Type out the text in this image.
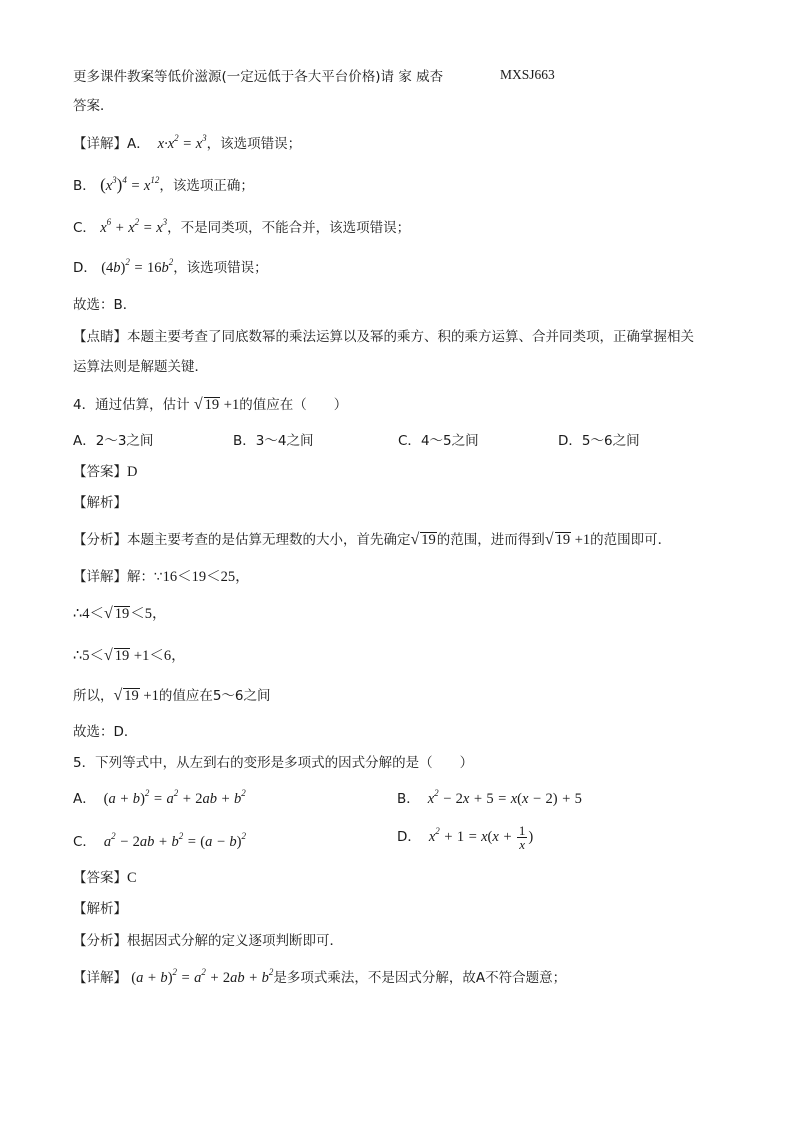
更多课件教案等低价滋源(一定远低于各大平台价格)请 家 威杏	MXSJ663
答案．
【详解】A．  $x\cdot x^2 = x^3$，该选项错误；
B． $(x^3)^4 = x^{12}$，该选项正确；
C． $x^6 + x^2 = x^3$，不是同类项，不能合并，该选项错误；
D． $(4b)^2 = 16b^2$，该选项错误；
故选：B．
【点睛】本题主要考查了同底数幂的乘法运算以及幂的乘方、积的乘方运算、合并同类项，正确掌握相关
运算法则是解题关键．
4．通过估算，估计 √ 19 +1的值应在（　　）
A．2～3之间	B．3～4之间	C．4～5之间	D．5～6之间
【答案】D
【解析】
【分析】本题主要考查的是估算无理数的大小，首先确定√ 19的范围，进而得到√ 19 +1的范围即可．
【详解】解：∵16＜19＜25，
∴4＜√ 19＜5，
∴5＜√ 19 +1＜6，
所以，√ 19 +1的值应在5～6之间
故选：D．
5．下列等式中，从左到右的变形是多项式的因式分解的是（　　）
A． $(a + b)^2 = a^2 + 2ab + b^2$	B．  $x^2 - 2x + 5 = x(x - 2) + 5$
C．  $a^2 - 2ab + b^2 = (a - b)^2$	D．  $x^2 + 1 = x(x + \frac{1}{x}$ )
【答案】C
【解析】
【分析】根据因式分解的定义逐项判断即可．
【详解】 $(a + b)^2 = a^2 + 2ab + b^2$是多项式乘法，不是因式分解，故A不符合题意；
